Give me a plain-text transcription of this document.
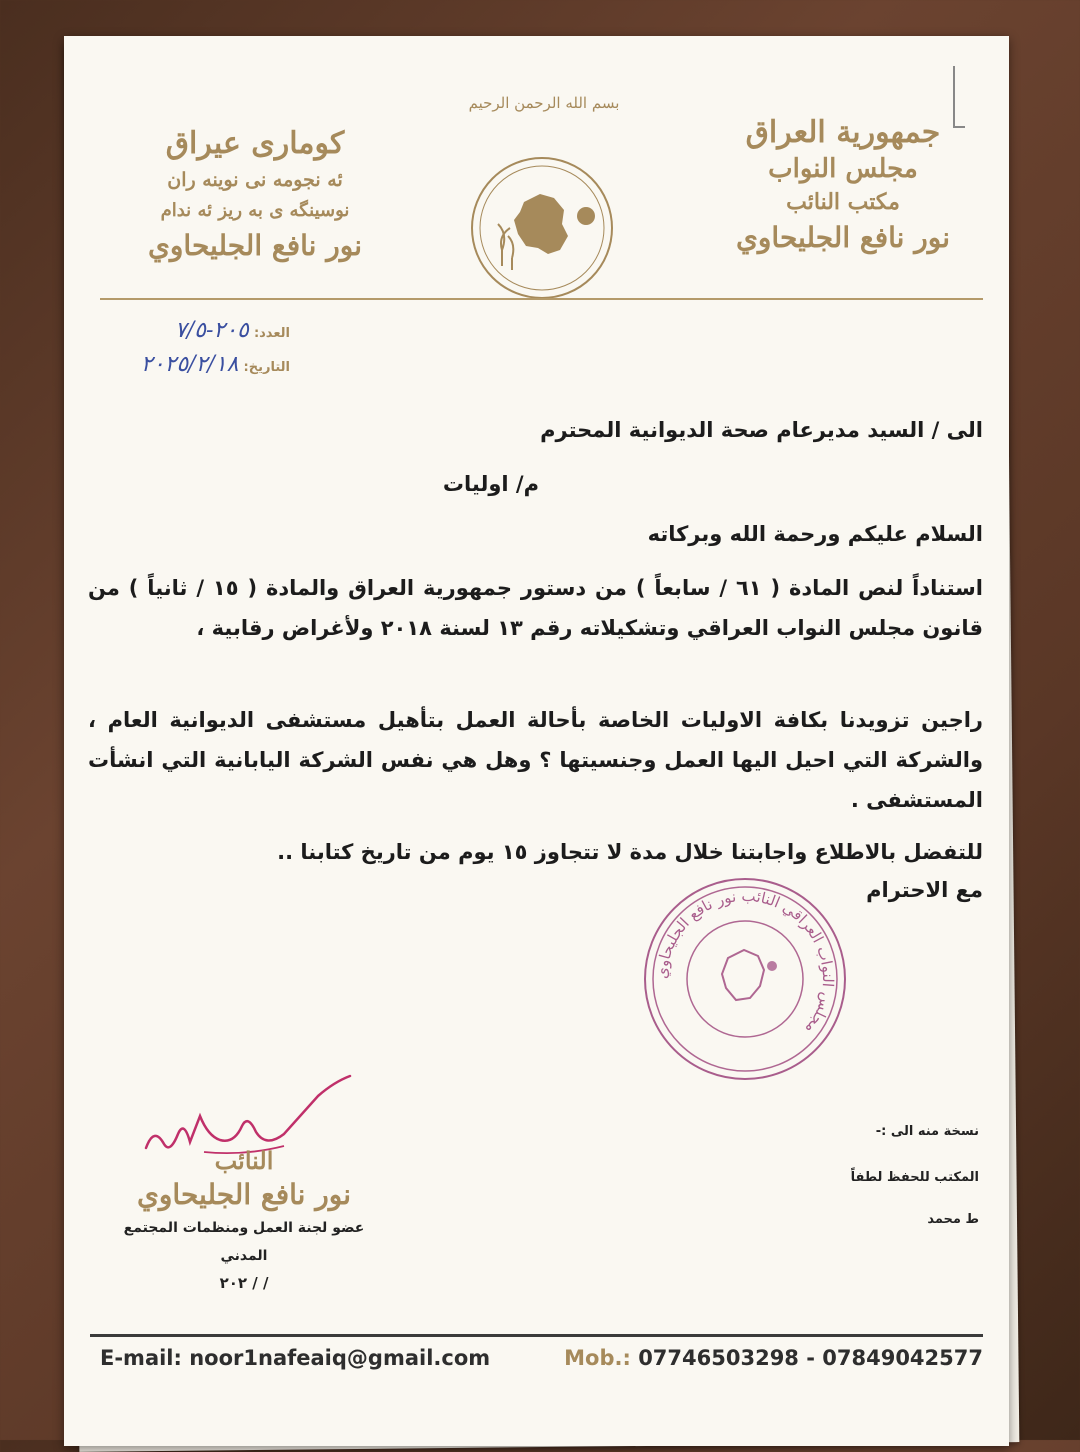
جمهورية العراق
مجلس النواب
مكتب النائب
نور نافع الجليحاوي
كوماری عیراق
ئه نجومه نی نوینه ران
نوسینگه ی به ریز ئه ندام
نور نافع الجليحاوي
بسم الله الرحمن الرحيم
العدد: ٢٠٥-٧/٥
التاريخ: ٢٠٢٥/٢/١٨
الى / السيد مديرعام صحة الديوانية المحترم
م/ اوليات
السلام عليكم ورحمة الله وبركاته
استناداً لنص المادة ( ٦١ / سابعاً ) من دستور جمهورية العراق والمادة ( ١٥ / ثانياً ) من قانون مجلس النواب العراقي وتشكيلاته رقم ١٣ لسنة ٢٠١٨ ولأغراض رقابية ،
راجين تزويدنا بكافة الاوليات الخاصة بأحالة العمل بتأهيل مستشفى الديوانية العام ، والشركة التي احيل اليها العمل وجنسيتها ؟ وهل هي نفس الشركة اليابانية التي انشأت المستشفى .
للتفضل بالاطلاع واجابتنا خلال مدة لا تتجاوز ١٥ يوم من تاريخ كتابنا ..
مع الاحترام
مجلس النواب العراقي النائب نور نافع الجليحاوي
النائب
نور نافع الجليحاوي
عضو لجنة العمل ومنظمات المجتمع المدني
/ / ٢٠٢
نسخة منه الى :-
المكتب للحفظ لطفاً
ط محمد
E-mail: noor1nafeaiq@gmail.com	Mob.: 07746503298 - 07849042577
